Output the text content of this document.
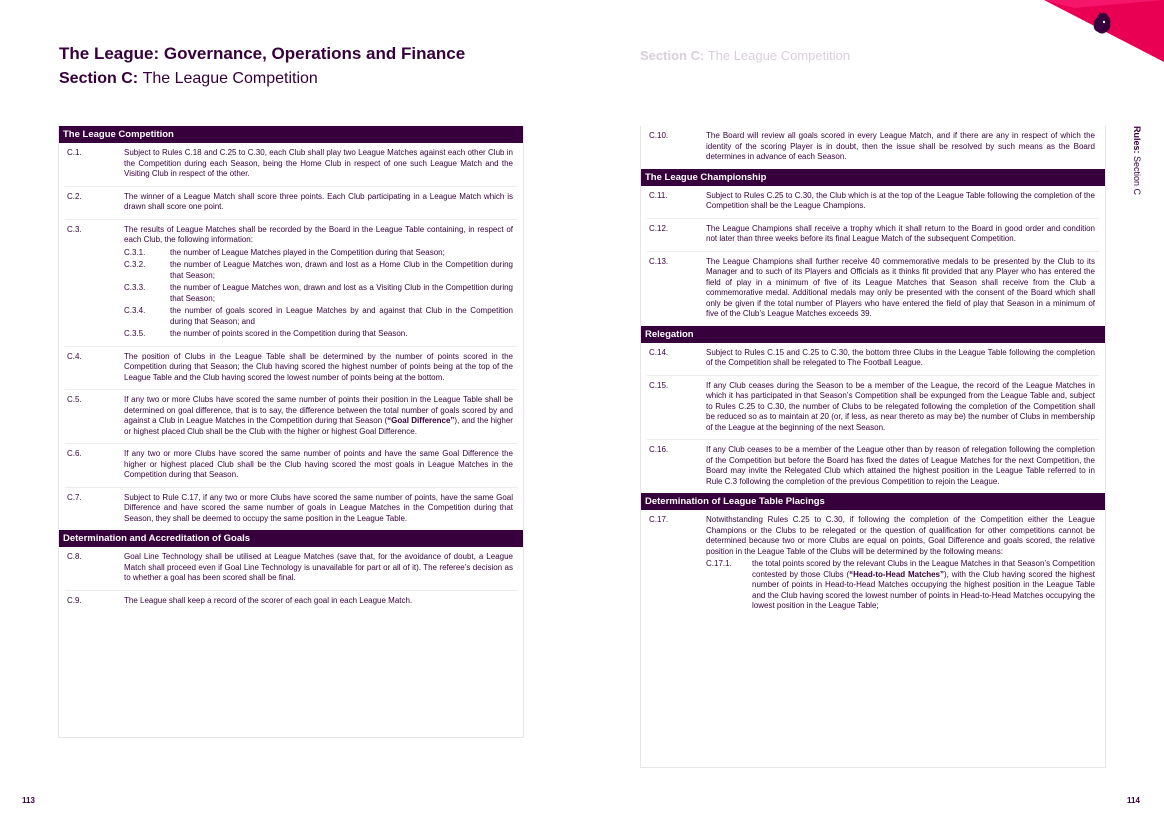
The League: Governance, Operations and Finance
Section C: The League Competition
Section C: The League Competition
Rules: Section C
The League Competition
C.1.	Subject to Rules C.18 and C.25 to C.30, each Club shall play two League Matches against each other Club in the Competition during each Season, being the Home Club in respect of one such League Match and the Visiting Club in respect of the other.
C.2.	The winner of a League Match shall score three points. Each Club participating in a League Match which is drawn shall score one point.
C.3.	The results of League Matches shall be recorded by the Board in the League Table containing, in respect of each Club, the following information:
C.3.1.	the number of League Matches played in the Competition during that Season;
C.3.2.	the number of League Matches won, drawn and lost as a Home Club in the Competition during that Season;
C.3.3.	the number of League Matches won, drawn and lost as a Visiting Club in the Competition during that Season;
C.3.4.	the number of goals scored in League Matches by and against that Club in the Competition during that Season; and
C.3.5.	the number of points scored in the Competition during that Season.
C.4.	The position of Clubs in the League Table shall be determined by the number of points scored in the Competition during that Season; the Club having scored the highest number of points being at the top of the League Table and the Club having scored the lowest number of points being at the bottom.
C.5.	If any two or more Clubs have scored the same number of points their position in the League Table shall be determined on goal difference, that is to say, the difference between the total number of goals scored by and against a Club in League Matches in the Competition during that Season (“Goal Difference”), and the higher or highest placed Club shall be the Club with the higher or highest Goal Difference.
C.6.	If any two or more Clubs have scored the same number of points and have the same Goal Difference the higher or highest placed Club shall be the Club having scored the most goals in League Matches in the Competition during that Season.
C.7.	Subject to Rule C.17, if any two or more Clubs have scored the same number of points, have the same Goal Difference and have scored the same number of goals in League Matches in the Competition during that Season, they shall be deemed to occupy the same position in the League Table.
Determination and Accreditation of Goals
C.8.	Goal Line Technology shall be utilised at League Matches (save that, for the avoidance of doubt, a League Match shall proceed even if Goal Line Technology is unavailable for part or all of it). The referee’s decision as to whether a goal has been scored shall be final.
C.9.	The League shall keep a record of the scorer of each goal in each League Match.
C.10.	The Board will review all goals scored in every League Match, and if there are any in respect of which the identity of the scoring Player is in doubt, then the issue shall be resolved by such means as the Board determines in advance of each Season.
The League Championship
C.11.	Subject to Rules C.25 to C.30, the Club which is at the top of the League Table following the completion of the Competition shall be the League Champions.
C.12.	The League Champions shall receive a trophy which it shall return to the Board in good order and condition not later than three weeks before its final League Match of the subsequent Competition.
C.13.	The League Champions shall further receive 40 commemorative medals to be presented by the Club to its Manager and to such of its Players and Officials as it thinks fit provided that any Player who has entered the field of play in a minimum of five of its League Matches that Season shall receive from the Club a commemorative medal. Additional medals may only be presented with the consent of the Board which shall only be given if the total number of Players who have entered the field of play that Season in a minimum of five of the Club’s League Matches exceeds 39.
Relegation
C.14.	Subject to Rules C.15 and C.25 to C.30, the bottom three Clubs in the League Table following the completion of the Competition shall be relegated to The Football League.
C.15.	If any Club ceases during the Season to be a member of the League, the record of the League Matches in which it has participated in that Season’s Competition shall be expunged from the League Table and, subject to Rules C.25 to C.30, the number of Clubs to be relegated following the completion of the Competition shall be reduced so as to maintain at 20 (or, if less, as near thereto as may be) the number of Clubs in membership of the League at the beginning of the next Season.
C.16.	If any Club ceases to be a member of the League other than by reason of relegation following the completion of the Competition but before the Board has fixed the dates of League Matches for the next Competition, the Board may invite the Relegated Club which attained the highest position in the League Table referred to in Rule C.3 following the completion of the previous Competition to rejoin the League.
Determination of League Table Placings
C.17.	Notwithstanding Rules C.25 to C.30, if following the completion of the Competition either the League Champions or the Clubs to be relegated or the question of qualification for other competitions cannot be determined because two or more Clubs are equal on points, Goal Difference and goals scored, the relative position in the League Table of the Clubs will be determined by the following means:
C.17.1.	the total points scored by the relevant Clubs in the League Matches in that Season’s Competition contested by those Clubs (“Head-to-Head Matches”), with the Club having scored the highest number of points in Head-to-Head Matches occupying the highest position in the League Table and the Club having scored the lowest number of points in Head-to-Head Matches occupying the lowest position in the League Table;
113	114
